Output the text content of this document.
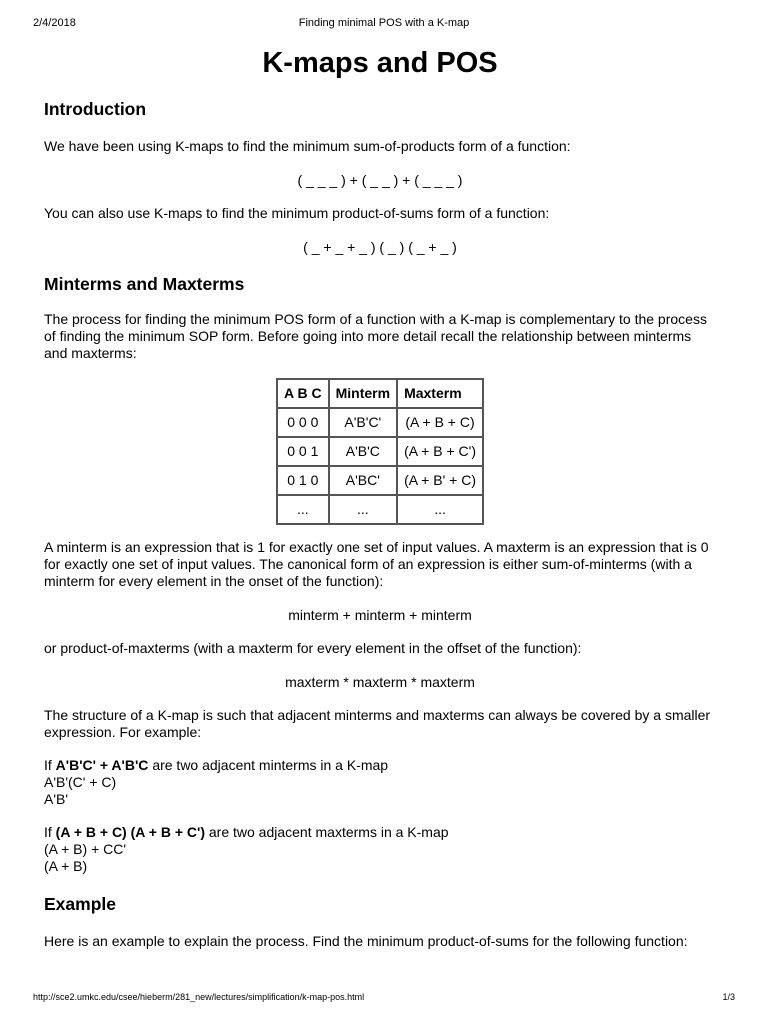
2/4/2018	Finding minimal POS with a K-map
K-maps and POS
Introduction

We have been using K-maps to find the minimum sum-of-products form of a function:

( _ _ _ ) + ( _ _ ) + ( _ _ _ )

You can also use K-maps to find the minimum product-of-sums form of a function:

( _ + _ + _ ) ( _ ) ( _ + _ )

Minterms and Maxterms

The process for finding the minimum POS form of a function with a K-map is complementary to the process of finding the minimum SOP form. Before going into more detail recall the relationship between minterms and maxterms:

A B C	Minterm	Maxterm
0 0 0	A'B'C'	(A + B + C)
0 0 1	A'B'C	(A + B + C')
0 1 0	A'BC'	(A + B' + C)
...	...	...

A minterm is an expression that is 1 for exactly one set of input values. A maxterm is an expression that is 0 for exactly one set of input values. The canonical form of an expression is either sum-of-minterms (with a minterm for every element in the onset of the function):

minterm + minterm + minterm

or product-of-maxterms (with a maxterm for every element in the offset of the function):

maxterm * maxterm * maxterm

The structure of a K-map is such that adjacent minterms and maxterms can always be covered by a smaller expression. For example:

If A'B'C' + A'B'C are two adjacent minterms in a K-map

A'B'(C' + C)

A'B'

If (A + B + C) (A + B + C') are two adjacent maxterms in a K-map

(A + B) + CC'

(A + B)

Example

Here is an example to explain the process. Find the minimum product-of-sums for the following function:

http://sce2.umkc.edu/csee/hieberm/281_new/lectures/simplification/k-map-pos.html	1/3
